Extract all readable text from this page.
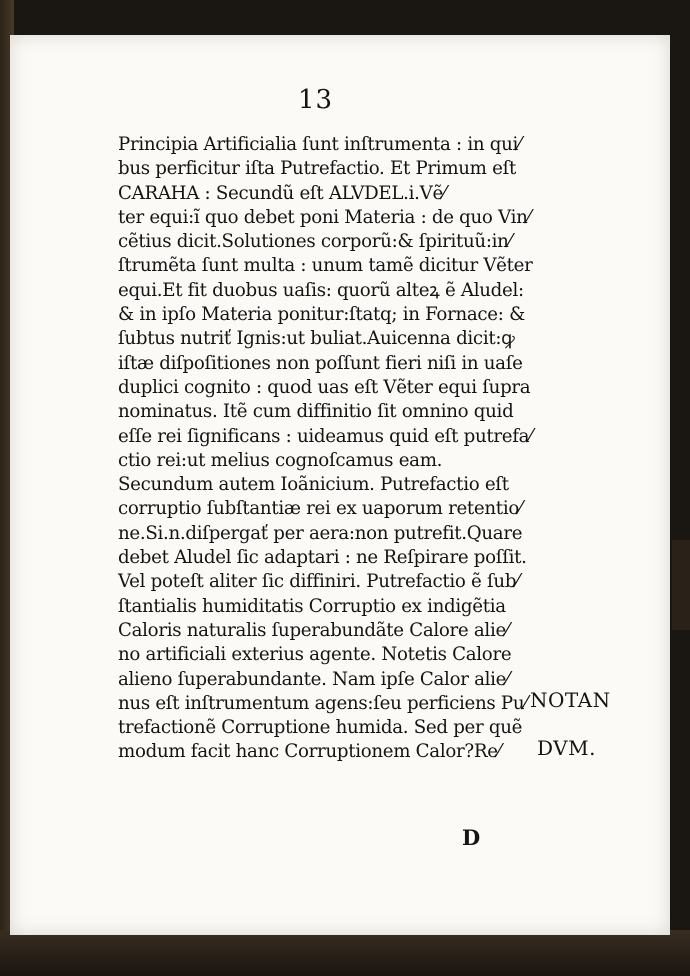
13
Principia Artificialia ſunt inſtrumenta : in qui⁄
bus perficitur iſta Putrefactio. Et Primum eſt
CARAHA : Secundũ eſt ALVDEL.i.Vẽ⁄
ter equi:ĩ quo debet poni Materia : de quo Vin⁄
cẽtius dicit.Solutiones corporũ:& ſpirituũ:in⁄
ſtrumẽta ſunt multa : unum tamẽ dicitur Vẽter
equi.Et fit duobus uaſis: quorũ alteꝝ ẽ Aludel:
& in ipſo Materia ponitur:ſtatq; in Fornace: &
ſubtus nutriť Ignis:ut buliat.Auicenna dicit:ꝙ
iſtæ diſpoſitiones non poſſunt fieri niſi in uaſe
duplici cognito : quod uas eſt Vẽter equi ſupra
nominatus. Itẽ cum diffinitio ſit omnino quid
eſſe rei ſignificans : uideamus quid eſt putrefa⁄
ctio rei:ut melius cognoſcamus eam.
Secundum autem Ioãnicium. Putrefactio eſt
corruptio ſubſtantiæ rei ex uaporum retentio⁄
ne.Si.n.diſpergať per aera:non putrefit.Quare
debet Aludel ſic adaptari : ne Reſpirare poſſit.
Vel poteſt aliter ſic diffiniri. Putrefactio ẽ ſub⁄
ſtantialis humiditatis Corruptio ex indigẽtia
Caloris naturalis ſuperabundãte Calore alie⁄
no artificiali exterius agente. Notetis Calore
alieno ſuperabundante. Nam ipſe Calor alie⁄
nus eſt inſtrumentum agens:ſeu perficiens Pu⁄
trefactionẽ Corruptione humida. Sed per quẽ
modum facit hanc Corruptionem Calor?Re⁄
NOTAN
DVM.
D
